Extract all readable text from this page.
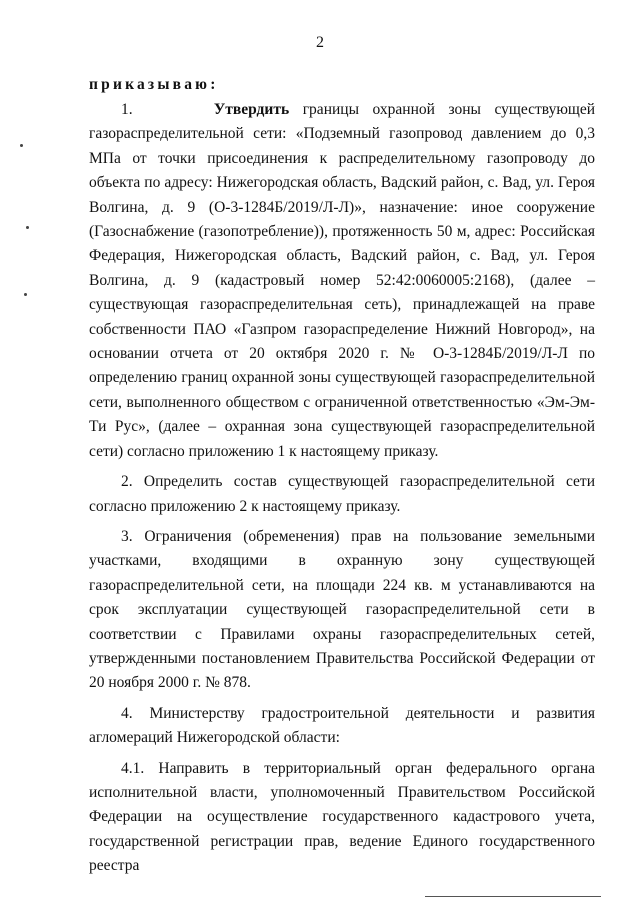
2
приказываю:

1.	Утвердить границы охранной зоны существующей газораспределительной сети: «Подземный газопровод давлением до 0,3 МПа от точки присоединения к распределительному газопроводу до объекта по адресу: Нижегородская область, Вадский район, с. Вад, ул. Героя Волгина, д. 9 (О-3-1284Б/2019/Л-Л)», назначение: иное сооружение (Газоснабжение (газопотребление)), протяженность 50 м, адрес: Российская Федерация, Нижегородская область, Вадский район, с. Вад, ул. Героя Волгина, д. 9 (кадастровый номер 52:42:0060005:2168), (далее – существующая газораспределительная сеть), принадлежащей на праве собственности ПАО «Газпром газораспределение Нижний Новгород», на основании отчета от 20 октября 2020 г. № О-3-1284Б/2019/Л-Л по определению границ охранной зоны существующей газораспределительной сети, выполненного обществом с ограниченной ответственностью «Эм-Эм-Ти Рус», (далее – охранная зона существующей газораспределительной сети) согласно приложению 1 к настоящему приказу.

2. Определить состав существующей газораспределительной сети согласно приложению 2 к настоящему приказу.

3. Ограничения (обременения) прав на пользование земельными участками, входящими в охранную зону существующей газораспределительной сети, на площади 224 кв. м устанавливаются на срок эксплуатации существующей газораспределительной сети в соответствии с Правилами охраны газораспределительных сетей, утвержденными постановлением Правительства Российской Федерации от 20 ноября 2000 г. № 878.

4. Министерству градостроительной деятельности и развития агломераций Нижегородской области:

4.1. Направить в территориальный орган федерального органа исполнительной власти, уполномоченный Правительством Российской Федерации на осуществление государственного кадастрового учета, государственной регистрации прав, ведение Единого государственного реестра
